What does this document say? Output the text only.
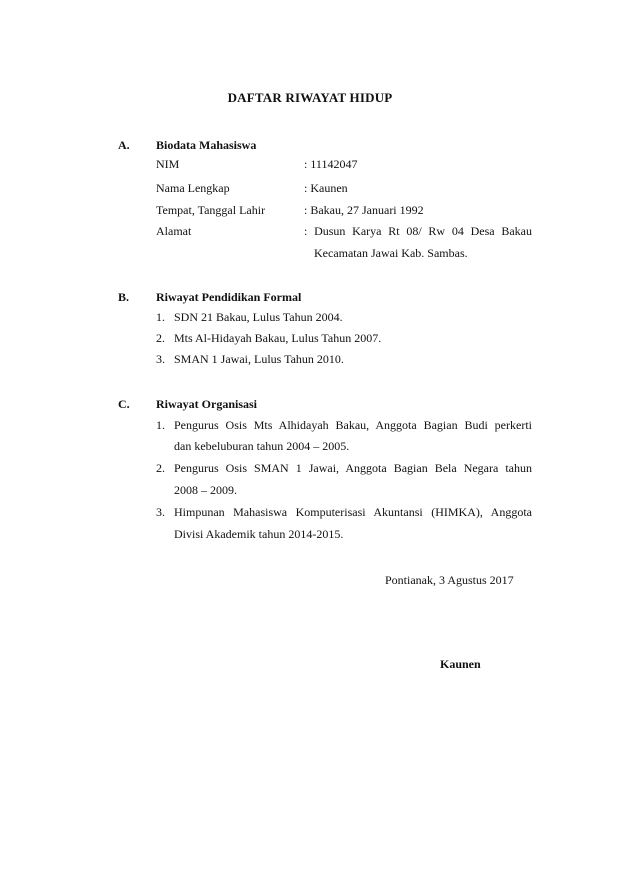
DAFTAR RIWAYAT HIDUP
A. Biodata Mahasiswa
NIM	: 11142047
Nama Lengkap	: Kaunen
Tempat, Tanggal Lahir	: Bakau, 27 Januari 1992
Alamat	: Dusun Karya Rt 08/ Rw 04 Desa Bakau
Kecamatan Jawai Kab. Sambas.
B. Riwayat Pendidikan Formal
1. SDN 21 Bakau, Lulus Tahun 2004.
2. Mts Al-Hidayah Bakau, Lulus Tahun 2007.
3. SMAN 1 Jawai, Lulus Tahun 2010.
C. Riwayat Organisasi
1. Pengurus Osis Mts Alhidayah Bakau, Anggota Bagian Budi perkerti
dan kebeluburan tahun 2004 – 2005.
2. Pengurus Osis SMAN 1 Jawai, Anggota Bagian Bela Negara tahun
2008 – 2009.
3. Himpunan Mahasiswa Komputerisasi Akuntansi (HIMKA), Anggota
Divisi Akademik tahun 2014-2015.
Pontianak, 3 Agustus 2017
Kaunen
